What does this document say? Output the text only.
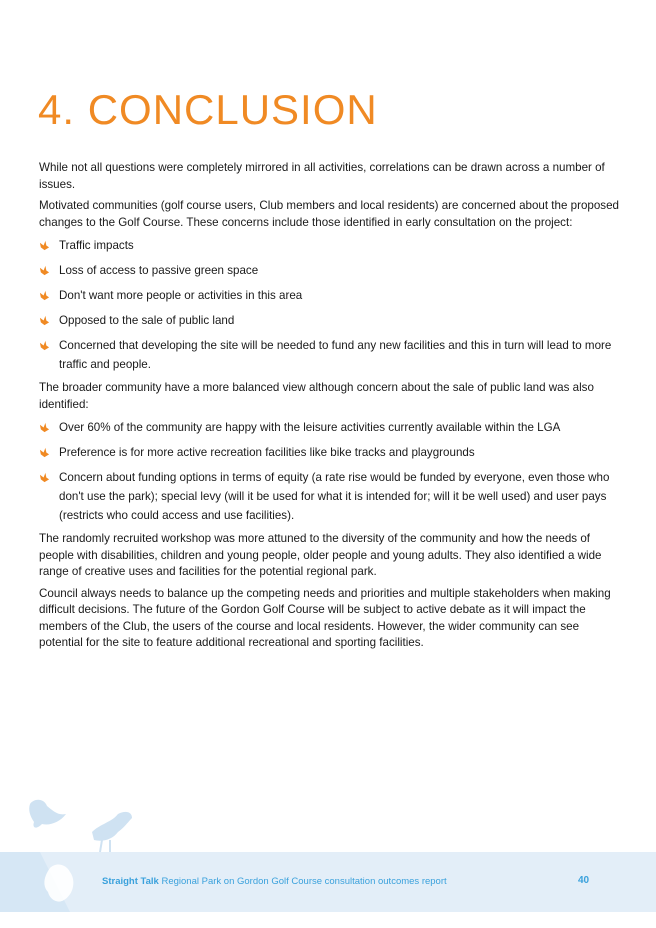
4. CONCLUSION

While not all questions were completely mirrored in all activities, correlations can be drawn across a number of issues.

Motivated communities (golf course users, Club members and local residents) are concerned about the proposed changes to the Golf Course. These concerns include those identified in early consultation on the project:

Traffic impacts
Loss of access to passive green space
Don't want more people or activities in this area
Opposed to the sale of public land
Concerned that developing the site will be needed to fund any new facilities and this in turn will lead to more traffic and people.

The broader community have a more balanced view although concern about the sale of public land was also identified:

Over 60% of the community are happy with the leisure activities currently available within the LGA
Preference is for more active recreation facilities like bike tracks and playgrounds
Concern about funding options in terms of equity (a rate rise would be funded by everyone, even those who don't use the park); special levy (will it be used for what it is intended for; will it be well used) and user pays (restricts who could access and use facilities).

The randomly recruited workshop was more attuned to the diversity of the community and how the needs of people with disabilities, children and young people, older people and young adults. They also identified a wide range of creative uses and facilities for the potential regional park.

Council always needs to balance up the competing needs and priorities and multiple stakeholders when making difficult decisions. The future of the Gordon Golf Course will be subject to active debate as it will impact the members of the Club, the users of the course and local residents. However, the wider community can see potential for the site to feature additional recreational and sporting facilities.

Straight Talk Regional Park on Gordon Golf Course consultation outcomes report	40
